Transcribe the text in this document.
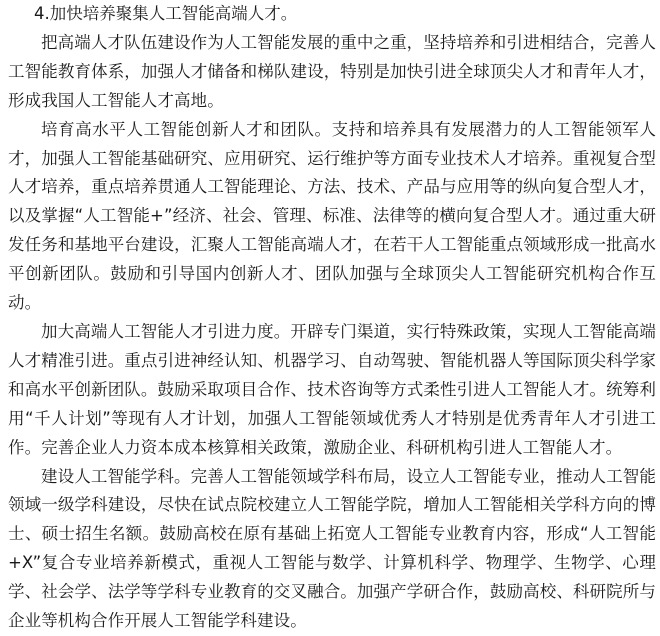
4.加快培养聚集人工智能高端人才。

把高端人才队伍建设作为人工智能发展的重中之重，坚持培养和引进相结合，完善人工智能教育体系，加强人才储备和梯队建设，特别是加快引进全球顶尖人才和青年人才，形成我国人工智能人才高地。

培育高水平人工智能创新人才和团队。支持和培养具有发展潜力的人工智能领军人才，加强人工智能基础研究、应用研究、运行维护等方面专业技术人才培养。重视复合型人才培养，重点培养贯通人工智能理论、方法、技术、产品与应用等的纵向复合型人才，以及掌握“人工智能+”经济、社会、管理、标准、法律等的横向复合型人才。通过重大研发任务和基地平台建设，汇聚人工智能高端人才，在若干人工智能重点领域形成一批高水平创新团队。鼓励和引导国内创新人才、团队加强与全球顶尖人工智能研究机构合作互动。

加大高端人工智能人才引进力度。开辟专门渠道，实行特殊政策，实现人工智能高端人才精准引进。重点引进神经认知、机器学习、自动驾驶、智能机器人等国际顶尖科学家和高水平创新团队。鼓励采取项目合作、技术咨询等方式柔性引进人工智能人才。统筹利用“千人计划”等现有人才计划，加强人工智能领域优秀人才特别是优秀青年人才引进工作。完善企业人力资本成本核算相关政策，激励企业、科研机构引进人工智能人才。

建设人工智能学科。完善人工智能领域学科布局，设立人工智能专业，推动人工智能领域一级学科建设，尽快在试点院校建立人工智能学院，增加人工智能相关学科方向的博士、硕士招生名额。鼓励高校在原有基础上拓宽人工智能专业教育内容，形成“人工智能+X”复合专业培养新模式，重视人工智能与数学、计算机科学、物理学、生物学、心理学、社会学、法学等学科专业教育的交叉融合。加强产学研合作，鼓励高校、科研院所与企业等机构合作开展人工智能学科建设。
